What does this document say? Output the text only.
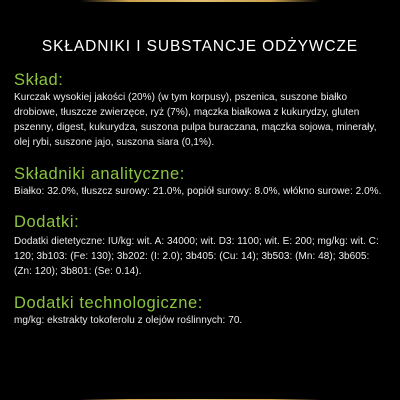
SKŁADNIKI I SUBSTANCJE ODŻYWCZE

Skład:

Kurczak wysokiej jakości (20%) (w tym korpusy), pszenica, suszone białko drobiowe, tłuszcze zwierzęce, ryż (7%), mączka białkowa z kukurydzy, gluten pszenny, digest, kukurydza, suszona pulpa buraczana, mączka sojowa, minerały, olej rybi, suszone jajo, suszona siara (0,1%).

Składniki analityczne:

Białko: 32.0%, tłuszcz surowy: 21.0%, popiół surowy: 8.0%, włókno surowe: 2.0%.

Dodatki:

Dodatki dietetyczne: IU/kg: wit. A: 34000; wit. D3: 1100; wit. E: 200; mg/kg: wit. C: 120; 3b103: (Fe: 130); 3b202: (I: 2.0); 3b405: (Cu: 14); 3b503: (Mn: 48); 3b605: (Zn: 120); 3b801: (Se: 0.14).

Dodatki technologiczne:

mg/kg: ekstrakty tokoferolu z olejów roślinnych: 70.
